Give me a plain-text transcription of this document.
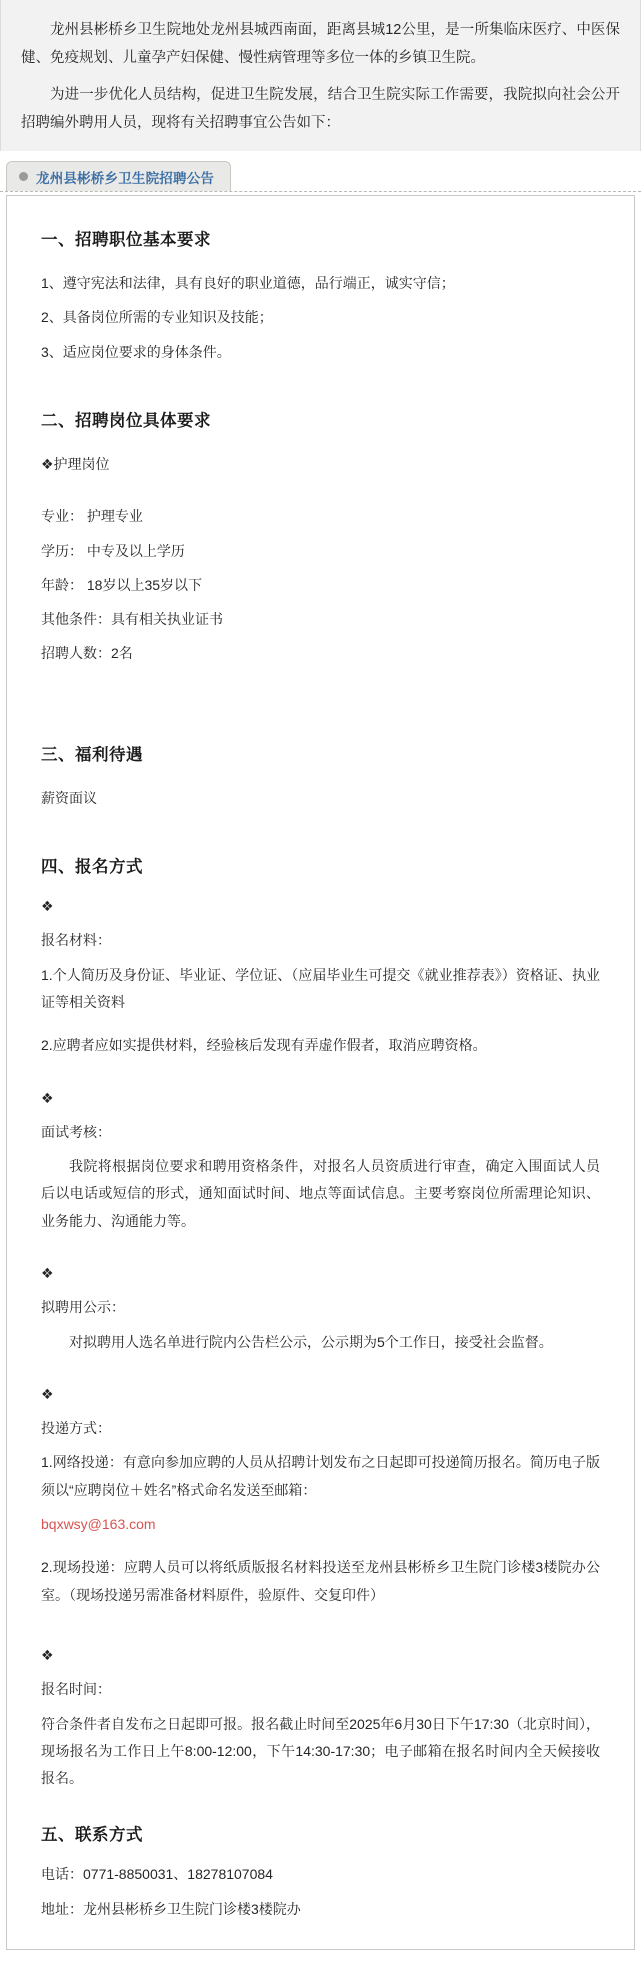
龙州县彬桥乡卫生院地处龙州县城西南面，距离县城12公里，是一所集临床医疗、中医保健、免疫规划、儿童孕产妇保健、慢性病管理等多位一体的乡镇卫生院。

为进一步优化人员结构，促进卫生院发展，结合卫生院实际工作需要，我院拟向社会公开招聘编外聘用人员，现将有关招聘事宜公告如下：

龙州县彬桥乡卫生院招聘公告
一、招聘职位基本要求

1、遵守宪法和法律，具有良好的职业道德，品行端正，诚实守信；

2、具备岗位所需的专业知识及技能；

3、适应岗位要求的身体条件。

二、招聘岗位具体要求

❖护理岗位

专业： 护理专业

学历： 中专及以上学历

年龄： 18岁以上35岁以下

其他条件：具有相关执业证书

招聘人数：2名

三、福利待遇

薪资面议

四、报名方式

❖

报名材料：

1.个人简历及身份证、毕业证、学位证、（应届毕业生可提交《就业推荐表》）资格证、执业证等相关资料

2.应聘者应如实提供材料，经验核后发现有弄虚作假者，取消应聘资格。

❖

面试考核：

我院将根据岗位要求和聘用资格条件，对报名人员资质进行审查，确定入围面试人员后以电话或短信的形式，通知面试时间、地点等面试信息。主要考察岗位所需理论知识、业务能力、沟通能力等。

❖

拟聘用公示：

对拟聘用人选名单进行院内公告栏公示，公示期为5个工作日，接受社会监督。

❖

投递方式：

1.网络投递：有意向参加应聘的人员从招聘计划发布之日起即可投递简历报名。简历电子版须以“应聘岗位＋姓名”格式命名发送至邮箱：

bqxwsy@163.com

2.现场投递：应聘人员可以将纸质版报名材料投送至龙州县彬桥乡卫生院门诊楼3楼院办公室。（现场投递另需准备材料原件，验原件、交复印件）

❖

报名时间：

符合条件者自发布之日起即可报。报名截止时间至2025年6月30日下午17:30（北京时间），现场报名为工作日上午8:00-12:00，下午14:30-17:30；电子邮箱在报名时间内全天候接收报名。

五、联系方式

电话：0771-8850031、18278107084

地址：龙州县彬桥乡卫生院门诊楼3楼院办
